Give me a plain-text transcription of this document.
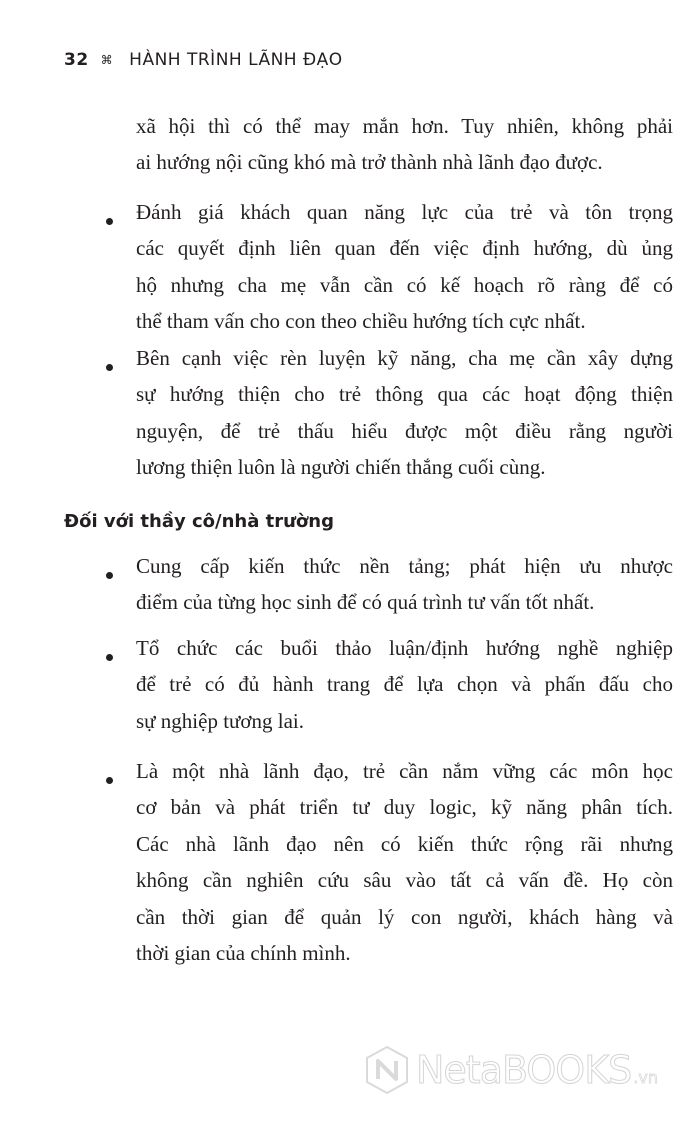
32 ⌘ HÀNH TRÌNH LÃNH ĐẠO
xã hội thì có thể may mắn hơn. Tuy nhiên, không phải
ai hướng nội cũng khó mà trở thành nhà lãnh đạo được.
Đánh giá khách quan năng lực của trẻ và tôn trọng
các quyết định liên quan đến việc định hướng, dù ủng
hộ nhưng cha mẹ vẫn cần có kế hoạch rõ ràng để có
thể tham vấn cho con theo chiều hướng tích cực nhất.
Bên cạnh việc rèn luyện kỹ năng, cha mẹ cần xây dựng
sự hướng thiện cho trẻ thông qua các hoạt động thiện
nguyện, để trẻ thấu hiểu được một điều rằng người
lương thiện luôn là người chiến thắng cuối cùng.
Đối với thầy cô/nhà trường
Cung cấp kiến thức nền tảng; phát hiện ưu nhược
điểm của từng học sinh để có quá trình tư vấn tốt nhất.
Tổ chức các buổi thảo luận/định hướng nghề nghiệp
để trẻ có đủ hành trang để lựa chọn và phấn đấu cho
sự nghiệp tương lai.
Là một nhà lãnh đạo, trẻ cần nắm vững các môn học
cơ bản và phát triển tư duy logic, kỹ năng phân tích.
Các nhà lãnh đạo nên có kiến thức rộng rãi nhưng
không cần nghiên cứu sâu vào tất cả vấn đề. Họ còn
cần thời gian để quản lý con người, khách hàng và
thời gian của chính mình.
NetaBOOKS .vn
